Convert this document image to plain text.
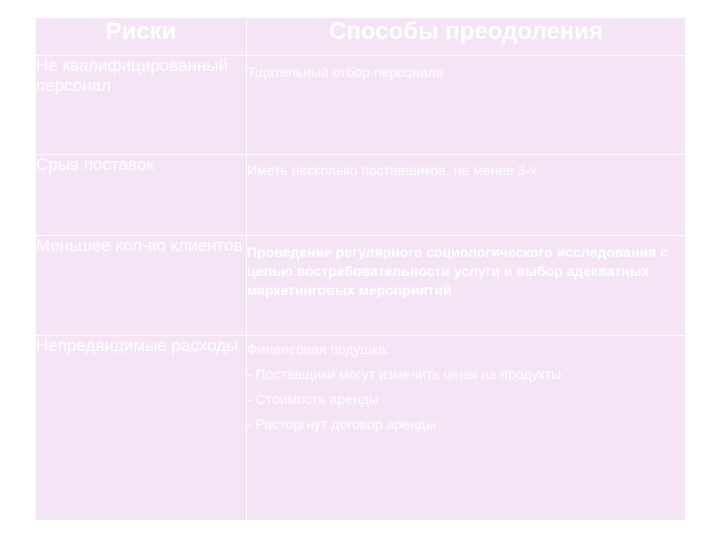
Риски	Способы преодоления
Не квалифицированный персонал	Тщательный отбор персонала
Срыв поставок	Иметь несколько поставщиков, не менее 3-х
Меньшее кол-во клиентов	Проведение регулярного социологического исследования с целью востребовательности услуги и выбор адекватных маркетинговых мероприятий
Непредвидимые расходы	Финансовая подушка:
- Поставщики могут изменить цены на продукты
- Стоимость аренды
- Расторгнут договор аренды
